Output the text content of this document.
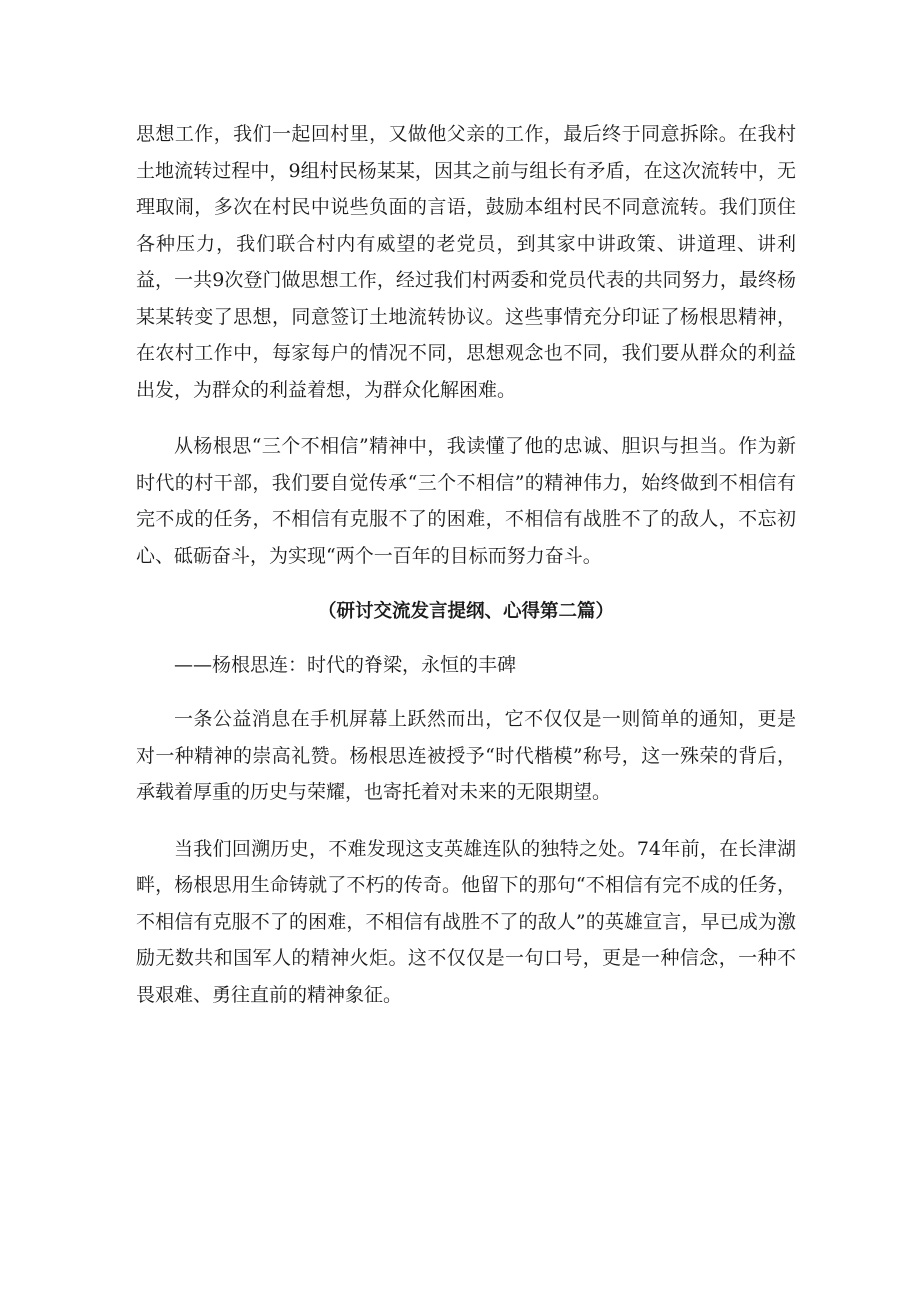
思想工作，我们一起回村里，又做他父亲的工作，最后终于同意拆除。在我村土地流转过程中，9组村民杨某某，因其之前与组长有矛盾，在这次流转中，无理取闹，多次在村民中说些负面的言语，鼓励本组村民不同意流转。我们顶住各种压力，我们联合村内有威望的老党员，到其家中讲政策、讲道理、讲利益，一共9次登门做思想工作，经过我们村两委和党员代表的共同努力，最终杨某某转变了思想，同意签订土地流转协议。这些事情充分印证了杨根思精神，在农村工作中，每家每户的情况不同，思想观念也不同，我们要从群众的利益出发，为群众的利益着想，为群众化解困难。

从杨根思“三个不相信”精神中，我读懂了他的忠诚、胆识与担当。作为新时代的村干部，我们要自觉传承“三个不相信”的精神伟力，始终做到不相信有完不成的任务，不相信有克服不了的困难，不相信有战胜不了的敌人，不忘初心、砥砺奋斗，为实现“两个一百年的目标而努力奋斗。

（研讨交流发言提纲、心得第二篇）

——杨根思连：时代的脊梁，永恒的丰碑

一条公益消息在手机屏幕上跃然而出，它不仅仅是一则简单的通知，更是对一种精神的崇高礼赞。杨根思连被授予“时代楷模”称号，这一殊荣的背后，承载着厚重的历史与荣耀，也寄托着对未来的无限期望。

当我们回溯历史，不难发现这支英雄连队的独特之处。74年前，在长津湖畔，杨根思用生命铸就了不朽的传奇。他留下的那句“不相信有完不成的任务，不相信有克服不了的困难，不相信有战胜不了的敌人”的英雄宣言，早已成为激励无数共和国军人的精神火炬。这不仅仅是一句口号，更是一种信念，一种不畏艰难、勇往直前的精神象征。
